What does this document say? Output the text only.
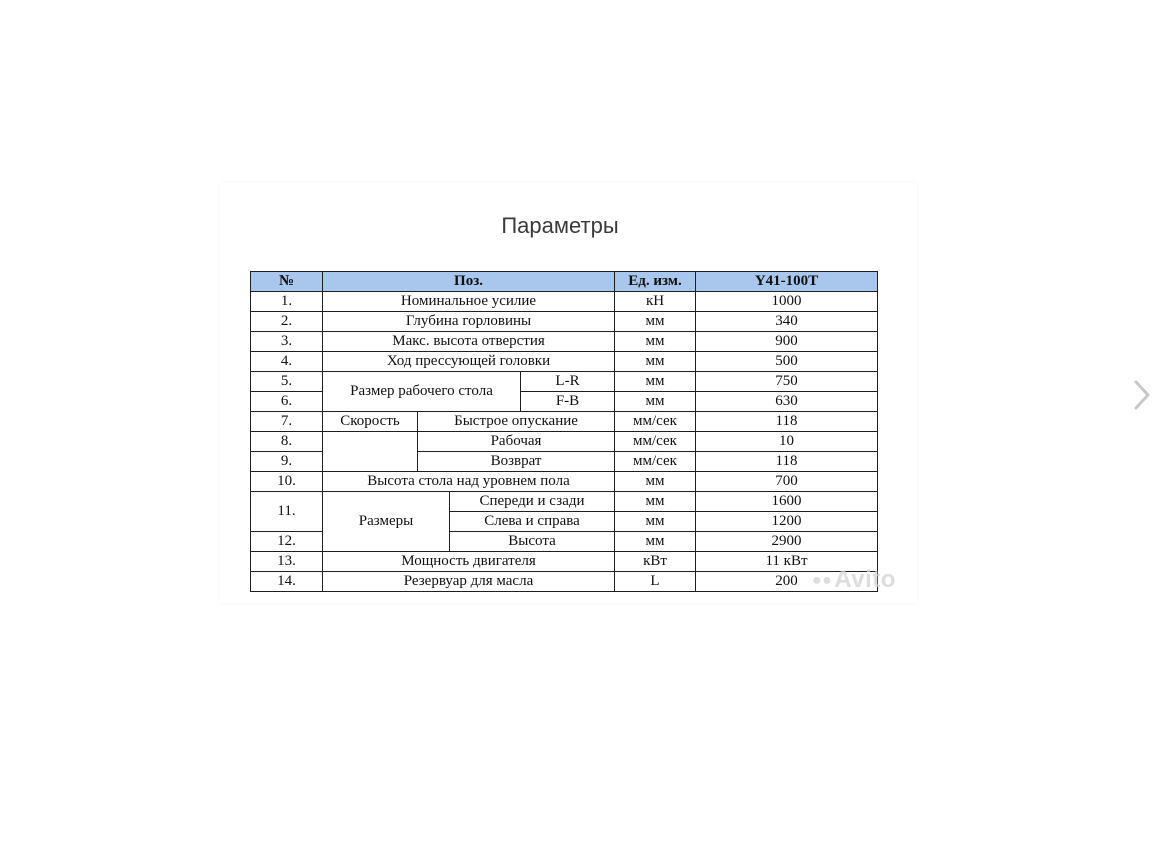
Параметры
№	Поз.				Ед. изм.	Y41-100T
1.	Номинальное усилие				кН	1000
2.	Глубина горловины				мм	340
3.	Макс. высота отверстия				мм	900
4.	Ход прессующей головки				мм	500
5.	Размер рабочего стола			L-R	мм	750
6.				F-B	мм	630
7.	Скорость	Быстрое опускание			мм/сек	118
8.		Рабочая			мм/сек	10
9.		Возврат			мм/сек	118
10.	Высота стола над уровнем пола				мм	700
11.	Размеры		Спереди и сзади		мм	1600
			Слева и справа		мм	1200
12.			Высота		мм	2900
13.	Мощность двигателя				кВт	11 кВт
14.	Резервуар для масла				L	200 ●●Avito
